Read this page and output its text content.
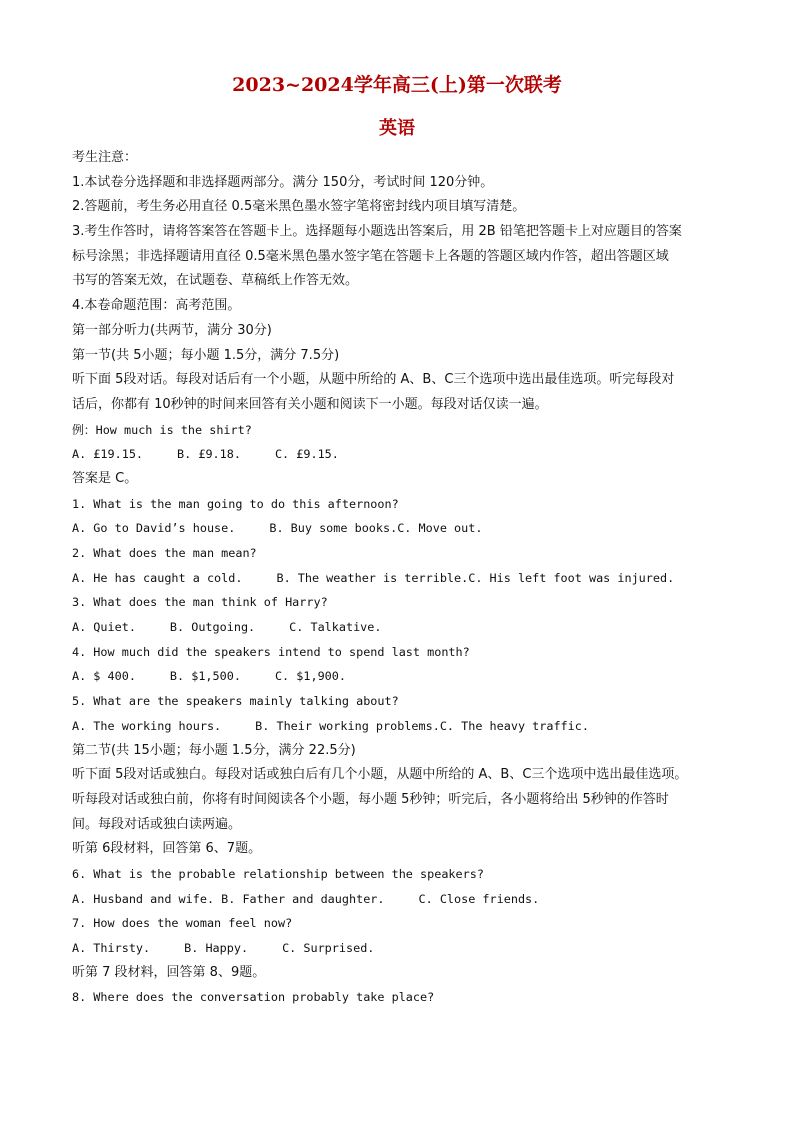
2023~2024学年高三(上)第一次联考
英语
考生注意：
1.本试卷分选择题和非选择题两部分。满分 150分，考试时间 120分钟。
2.答题前，考生务必用直径 0.5毫米黑色墨水签字笔将密封线内项目填写清楚。
3.考生作答时，请将答案答在答题卡上。选择题每小题选出答案后，用 2B 铅笔把答题卡上对应题目的答案
标号涂黑；非选择题请用直径 0.5毫米黑色墨水签字笔在答题卡上各题的答题区域内作答，超出答题区域
书写的答案无效，在试题卷、草稿纸上作答无效。
4.本卷命题范围：高考范围。
第一部分听力(共两节，满分 30分)
第一节(共 5小题；每小题 1.5分，满分 7.5分)
听下面 5段对话。每段对话后有一个小题，从题中所给的 A、B、C三个选项中选出最佳选项。听完每段对
话后，你都有 10秒钟的时间来回答有关小题和阅读下一小题。每段对话仅读一遍。
例：How much is the shirt?
A. £19.15.	B. £9.18.	C. £9.15.
答案是 C。
1. What is the man going to do this afternoon?
A. Go to David’s house.	B. Buy some books.C. Move out.
2. What does the man mean?
A. He has caught a cold.	B. The weather is terrible.C. His left foot was injured.
3. What does the man think of Harry?
A. Quiet.	B. Outgoing.	C. Talkative.
4. How much did the speakers intend to spend last month?
A. $ 400.	B. $1,500.	C. $1,900.
5. What are the speakers mainly talking about?
A. The working hours.	B. Their working problems.C. The heavy traffic.
第二节(共 15小题；每小题 1.5分，满分 22.5分)
听下面 5段对话或独白。每段对话或独白后有几个小题，从题中所给的 A、B、C三个选项中选出最佳选项。
听每段对话或独白前，你将有时间阅读各个小题，每小题 5秒钟；听完后，各小题将给出 5秒钟的作答时
间。每段对话或独白读两遍。
听第 6段材料，回答第 6、7题。
6. What is the probable relationship between the speakers?
A. Husband and wife. B. Father and daughter.	C. Close friends.
7. How does the woman feel now?
A. Thirsty.	B. Happy.	C. Surprised.
听第 7 段材料，回答第 8、9题。
8. Where does the conversation probably take place?
